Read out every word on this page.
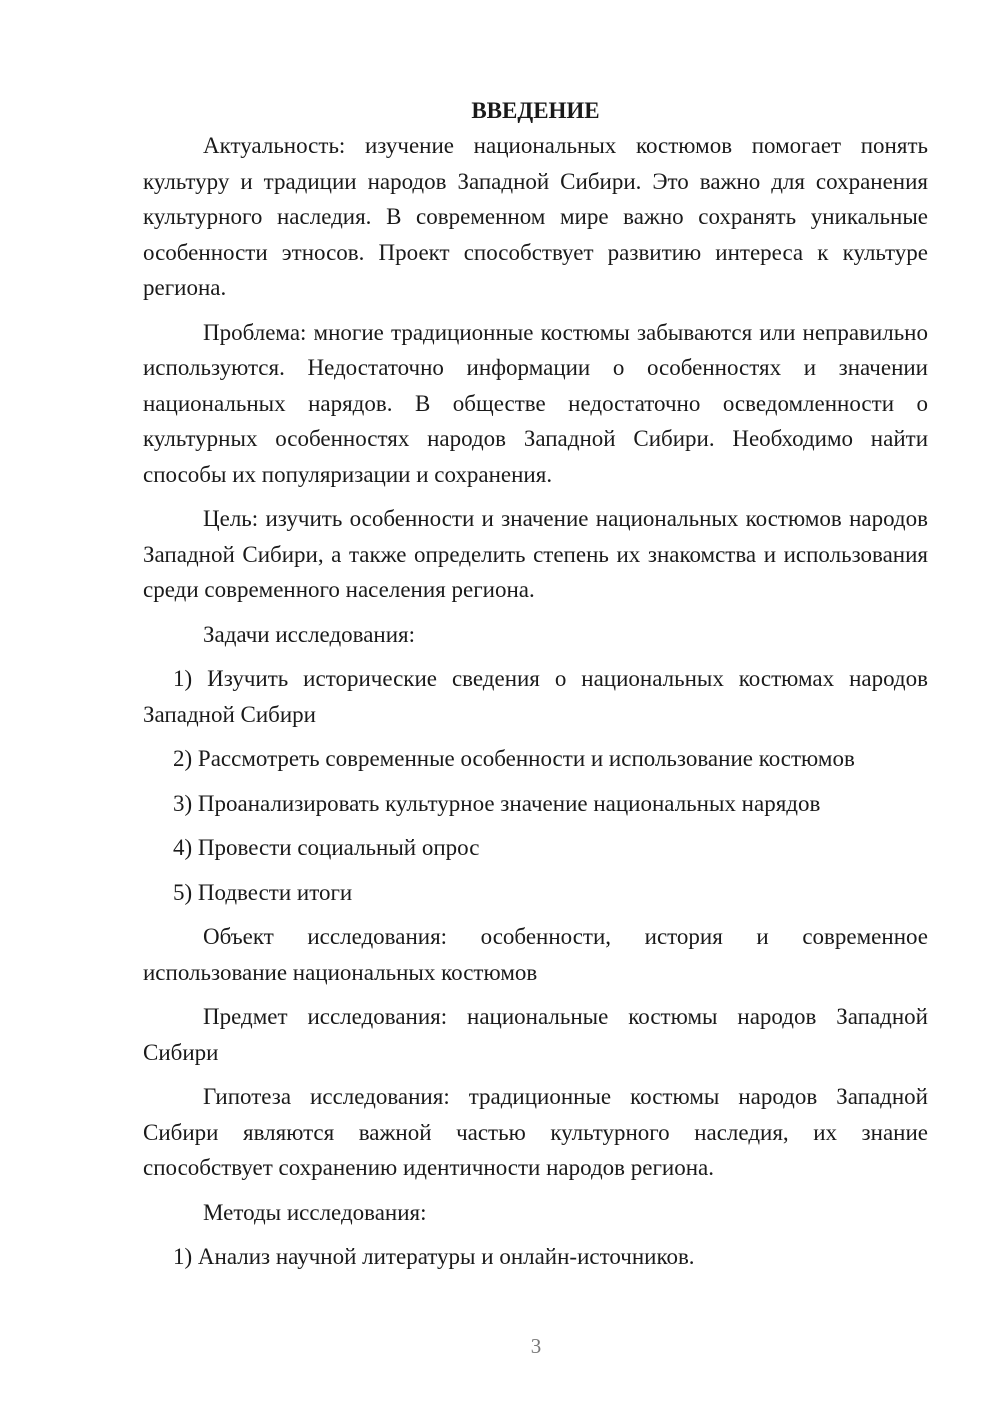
ВВЕДЕНИЕ

Актуальность: изучение национальных костюмов помогает понять культуру и традиции народов Западной Сибири. Это важно для сохранения культурного наследия. В современном мире важно сохранять уникальные особенности этносов. Проект способствует развитию интереса к культуре региона.

Проблема: многие традиционные костюмы забываются или неправильно используются. Недостаточно информации о особенностях и значении национальных нарядов. В обществе недостаточно осведомленности о культурных особенностях народов Западной Сибири. Необходимо найти способы их популяризации и сохранения.

Цель: изучить особенности и значение национальных костюмов народов Западной Сибири, а также определить степень их знакомства и использования среди современного населения региона.

Задачи исследования:

1) Изучить исторические сведения о национальных костюмах народов Западной Сибири

2) Рассмотреть современные особенности и использование костюмов

3) Проанализировать культурное значение национальных нарядов

4) Провести социальный опрос

5) Подвести итоги

Объект исследования: особенности, история и современное использование национальных костюмов

Предмет исследования: национальные костюмы народов Западной Сибири

Гипотеза исследования: традиционные костюмы народов Западной Сибири являются важной частью культурного наследия, их знание способствует сохранению идентичности народов региона.

Методы исследования:

1) Анализ научной литературы и онлайн-источников.

3
